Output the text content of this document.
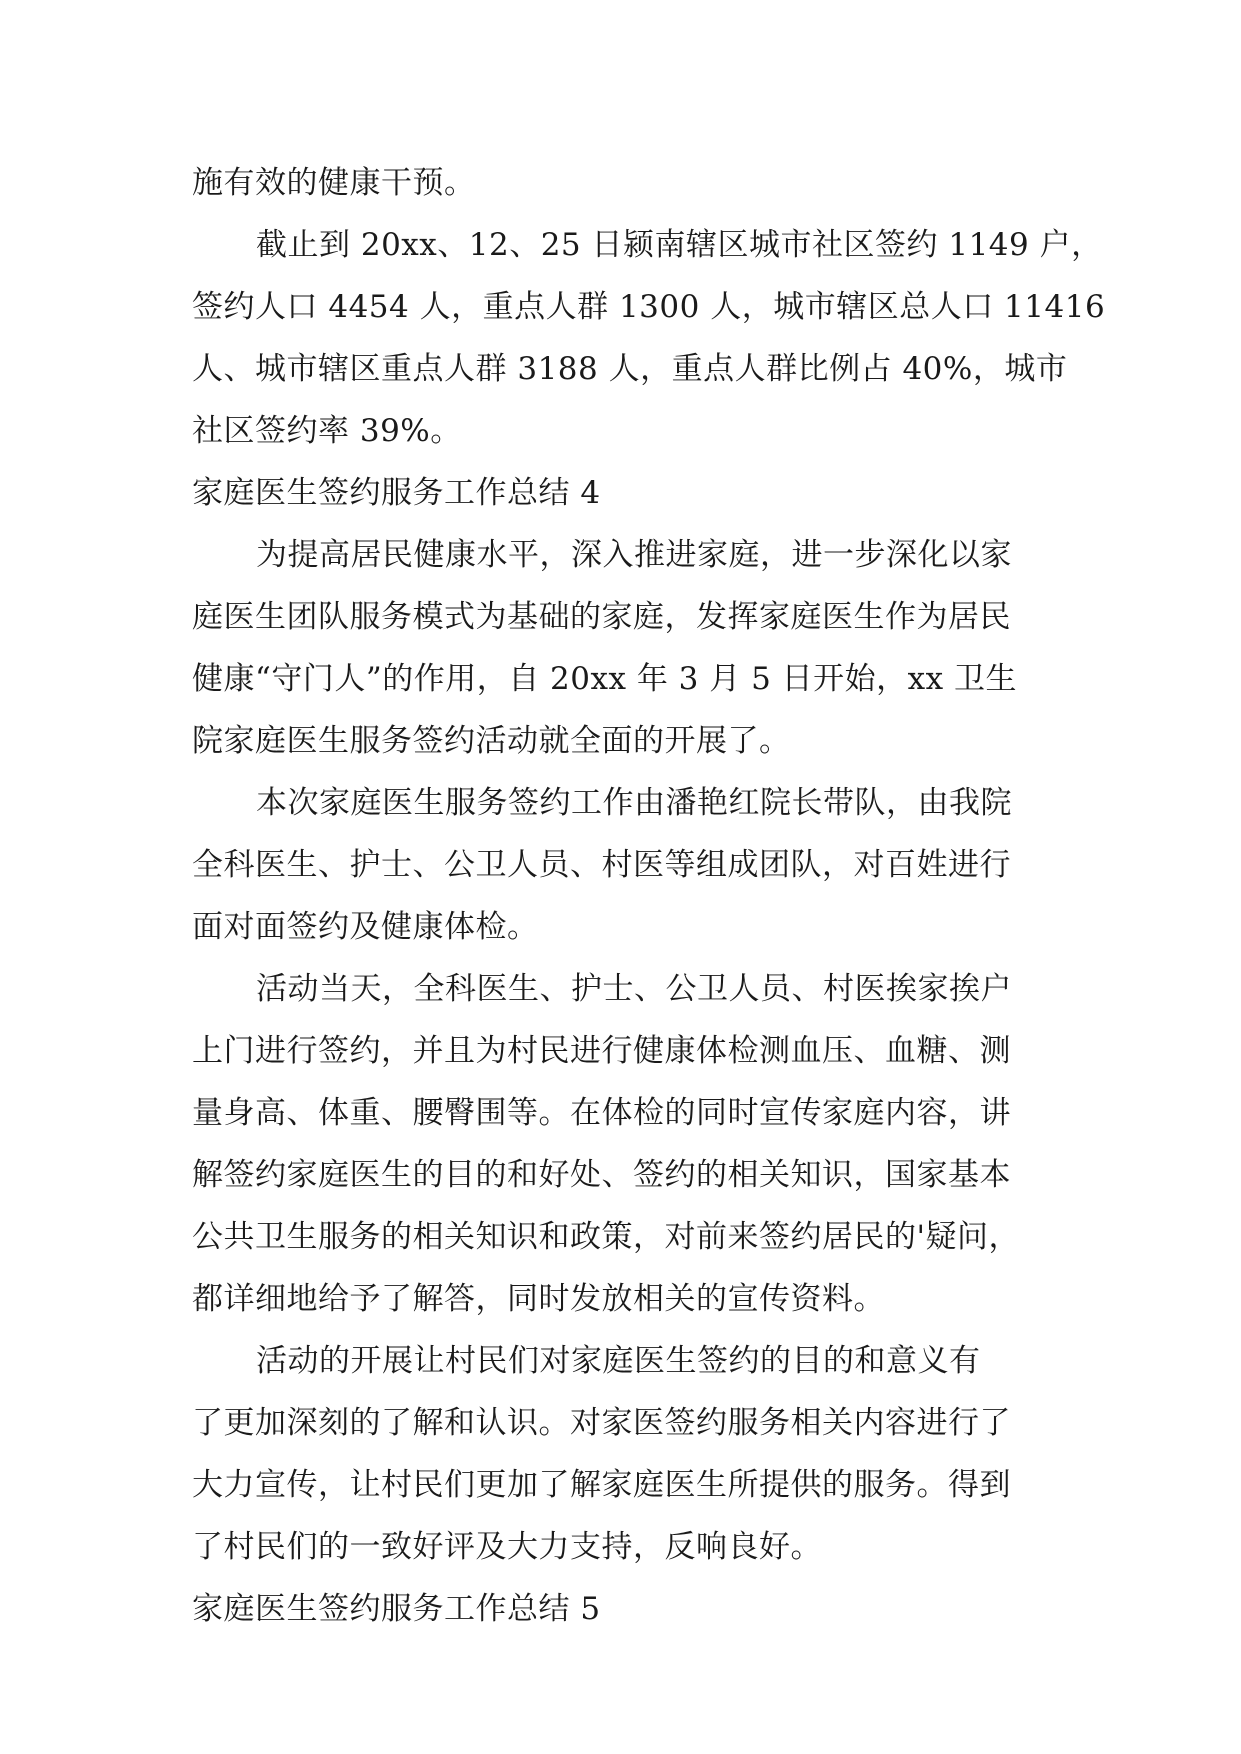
施有效的健康干预。
截止到 20xx、12、25 日颍南辖区城市社区签约 1149 户，
签约人口 4454 人，重点人群 1300 人，城市辖区总人口 11416
人、城市辖区重点人群 3188 人，重点人群比例占 40%，城市
社区签约率 39%。
家庭医生签约服务工作总结 4
为提高居民健康水平，深入推进家庭，进一步深化以家
庭医生团队服务模式为基础的家庭，发挥家庭医生作为居民
健康“守门人”的作用，自 20xx 年 3 月 5 日开始，xx 卫生
院家庭医生服务签约活动就全面的开展了。
本次家庭医生服务签约工作由潘艳红院长带队，由我院
全科医生、护士、公卫人员、村医等组成团队，对百姓进行
面对面签约及健康体检。
活动当天，全科医生、护士、公卫人员、村医挨家挨户
上门进行签约，并且为村民进行健康体检测血压、血糖、测
量身高、体重、腰臀围等。在体检的同时宣传家庭内容，讲
解签约家庭医生的目的和好处、签约的相关知识，国家基本
公共卫生服务的相关知识和政策，对前来签约居民的'疑问，
都详细地给予了解答，同时发放相关的宣传资料。
活动的开展让村民们对家庭医生签约的目的和意义有
了更加深刻的了解和认识。对家医签约服务相关内容进行了
大力宣传，让村民们更加了解家庭医生所提供的服务。得到
了村民们的一致好评及大力支持，反响良好。
家庭医生签约服务工作总结 5
